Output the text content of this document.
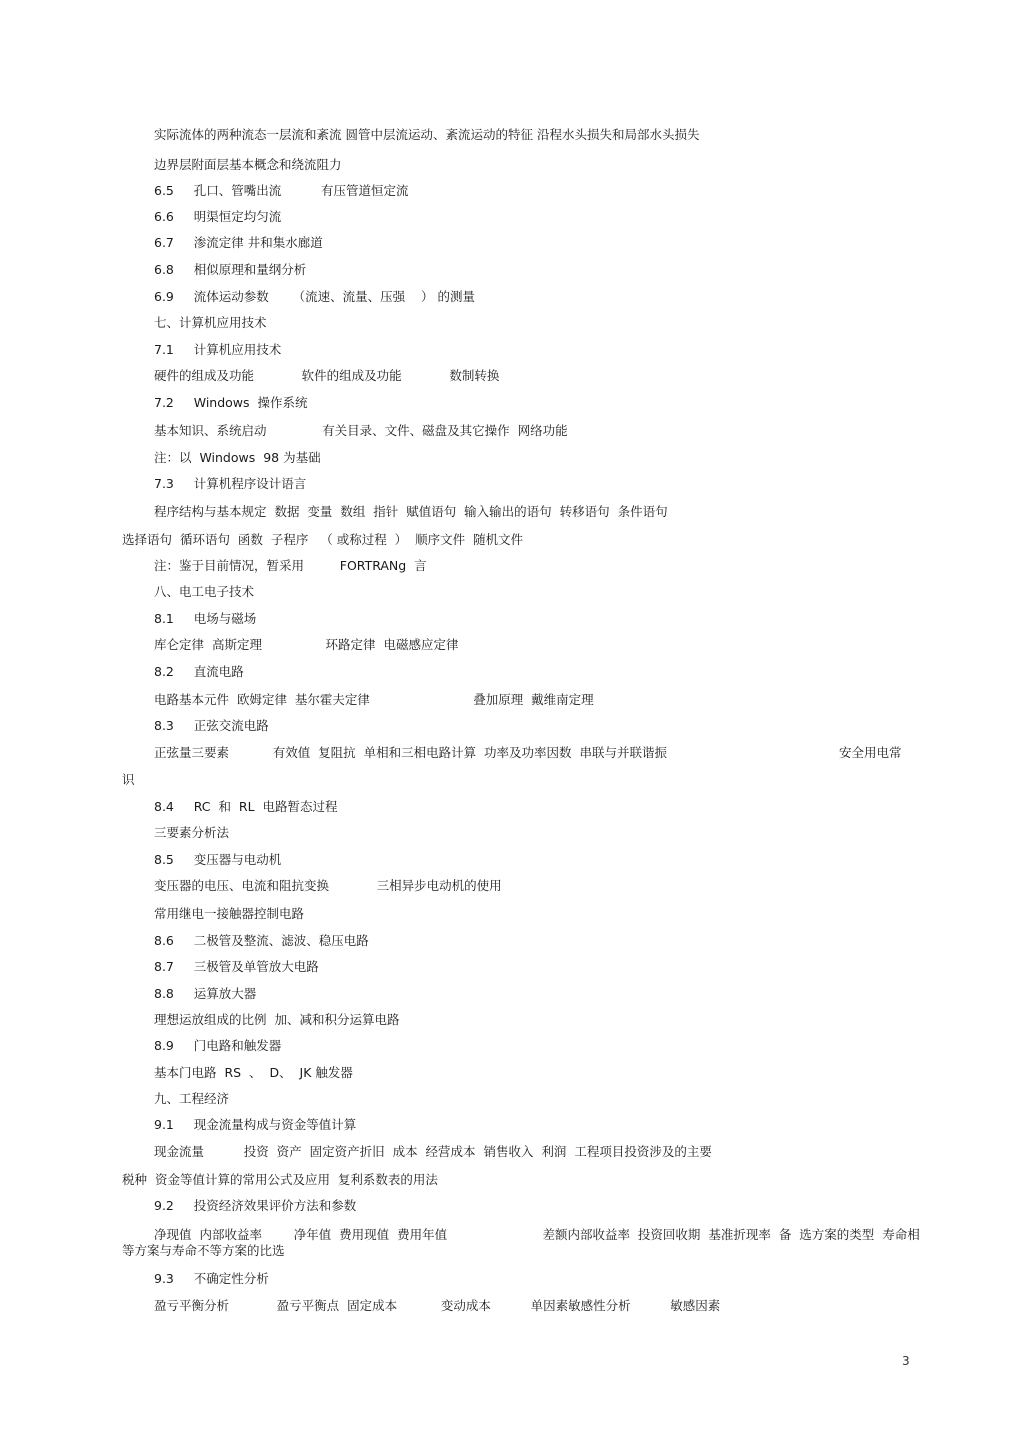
实际流体的两种流态一层流和紊流 圆管中层流运动、紊流运动的特征 沿程水头损失和局部水头损失
边界层附面层基本概念和绕流阻力
6.5     孔口、管嘴出流          有压管道恒定流
6.6     明渠恒定均匀流
6.7     渗流定律 井和集水廊道
6.8     相似原理和量纲分析
6.9     流体运动参数      （流速、流量、压强    ） 的测量
七、计算机应用技术
7.1     计算机应用技术
硬件的组成及功能            软件的组成及功能            数制转换
7.2     Windows  操作系统
基本知识、系统启动              有关目录、文件、磁盘及其它操作  网络功能
注：以  Windows  98 为基础
7.3     计算机程序设计语言
程序结构与基本规定  数据  变量  数组  指针  赋值语句  输入输出的语句  转移语句  条件语句
选择语句  循环语句  函数  子程序   （ 或称过程  ）  顺序文件  随机文件
注：鉴于目前情况，暂采用         FORTRANg  言
八、电工电子技术
8.1     电场与磁场
库仑定律  高斯定理                环路定律  电磁感应定律
8.2     直流电路
电路基本元件  欧姆定律  基尔霍夫定律                          叠加原理  戴维南定理
8.3     正弦交流电路
正弦量三要素           有效值  复阻抗  单相和三相电路计算  功率及功率因数  串联与并联谐振	安全用电常
识
8.4     RC  和  RL  电路暂态过程
三要素分析法
8.5     变压器与电动机
变压器的电压、电流和阻抗变换            三相异步电动机的使用
常用继电一接触器控制电路
8.6     二极管及整流、滤波、稳压电路
8.7     三极管及单管放大电路
8.8     运算放大器
理想运放组成的比例  加、减和积分运算电路
8.9     门电路和触发器
基本门电路  RS  、  D、  JK 触发器
九、工程经济
9.1     现金流量构成与资金等值计算
现金流量          投资  资产  固定资产折旧  成本  经营成本  销售收入  利润  工程项目投资涉及的主要
税种  资金等值计算的常用公式及应用  复利系数表的用法
9.2     投资经济效果评价方法和参数
净现值  内部收益率        净年值  费用现值  费用年值                        差额内部收益率  投资回收期  基准折现率  备  选方案的类型  寿命相
等方案与寿命不等方案的比选
9.3     不确定性分析
盈亏平衡分析            盈亏平衡点  固定成本           变动成本          单因素敏感性分析          敏感因素
3
